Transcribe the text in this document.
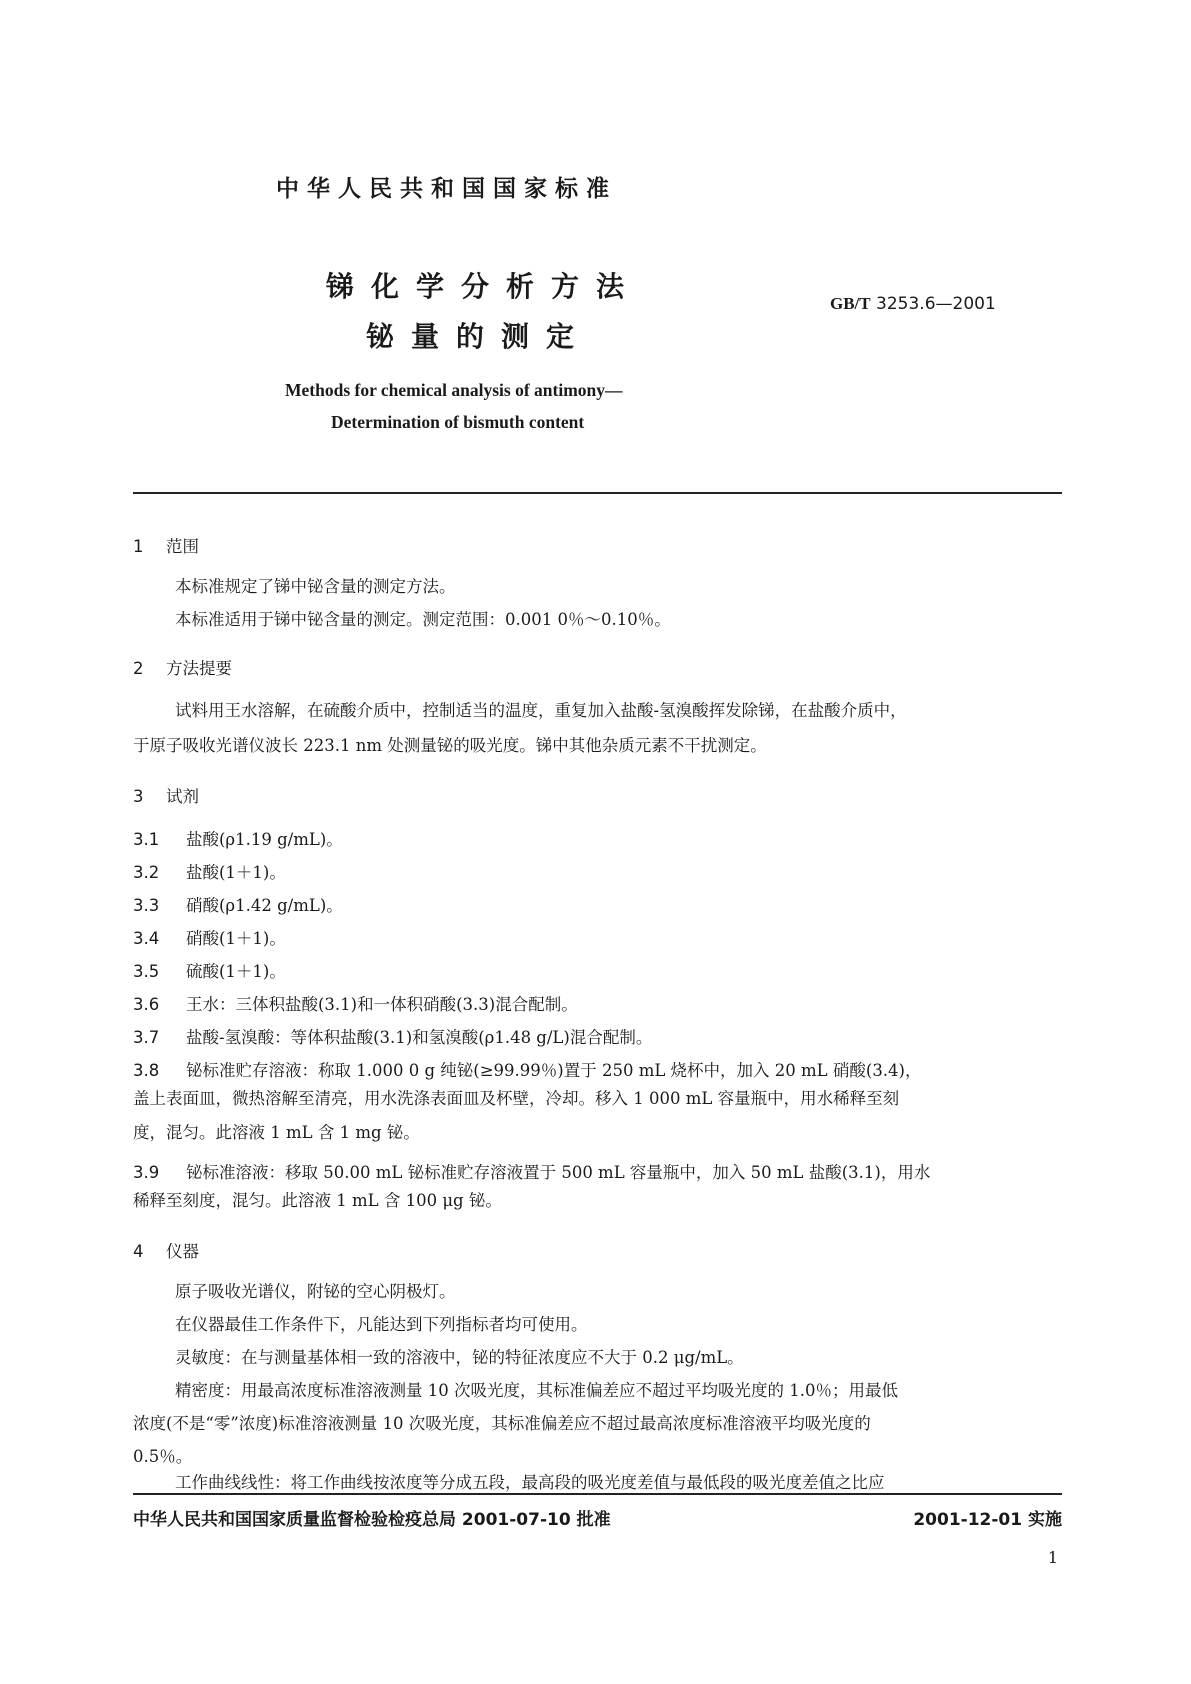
中华人民共和国国家标准
锑化学分析方法
铋量的测定
GB/T 3253.6—2001
Methods for chemical analysis of antimony—
Determination of bismuth content
1 范围
本标准规定了锑中铋含量的测定方法。
本标准适用于锑中铋含量的测定。测定范围：0.001 0％～0.10％。
2 方法提要
试料用王水溶解，在硫酸介质中，控制适当的温度，重复加入盐酸-氢溴酸挥发除锑，在盐酸介质中，
于原子吸收光谱仪波长 223.1 nm 处测量铋的吸光度。锑中其他杂质元素不干扰测定。
3 试剂
3.1 盐酸(ρ1.19 g/mL)。
3.2 盐酸(1＋1)。
3.3 硝酸(ρ1.42 g/mL)。
3.4 硝酸(1＋1)。
3.5 硫酸(1＋1)。
3.6 王水：三体积盐酸(3.1)和一体积硝酸(3.3)混合配制。
3.7 盐酸-氢溴酸：等体积盐酸(3.1)和氢溴酸(ρ1.48 g/L)混合配制。
3.8 铋标准贮存溶液：称取 1.000 0 g 纯铋(≥99.99％)置于 250 mL 烧杯中，加入 20 mL 硝酸(3.4)，
盖上表面皿，微热溶解至清亮，用水洗涤表面皿及杯壁，冷却。移入 1 000 mL 容量瓶中，用水稀释至刻
度，混匀。此溶液 1 mL 含 1 mg 铋。
3.9 铋标准溶液：移取 50.00 mL 铋标准贮存溶液置于 500 mL 容量瓶中，加入 50 mL 盐酸(3.1)，用水
稀释至刻度，混匀。此溶液 1 mL 含 100 μg 铋。
4 仪器
原子吸收光谱仪，附铋的空心阴极灯。
在仪器最佳工作条件下，凡能达到下列指标者均可使用。
灵敏度：在与测量基体相一致的溶液中，铋的特征浓度应不大于 0.2 μg/mL。
精密度：用最高浓度标准溶液测量 10 次吸光度，其标准偏差应不超过平均吸光度的 1.0％；用最低
浓度(不是“零”浓度)标准溶液测量 10 次吸光度，其标准偏差应不超过最高浓度标准溶液平均吸光度的
0.5％。
工作曲线线性：将工作曲线按浓度等分成五段，最高段的吸光度差值与最低段的吸光度差值之比应
中华人民共和国国家质量监督检验检疫总局 2001-07-10 批准	2001-12-01 实施
1
